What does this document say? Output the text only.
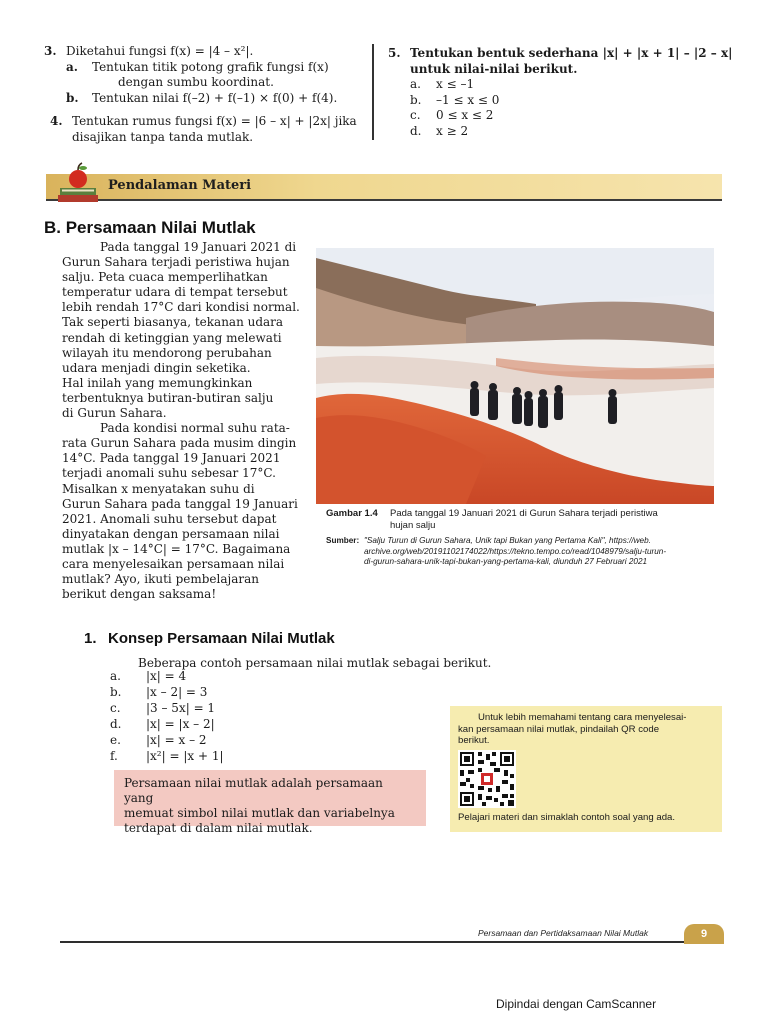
3. Diketahui fungsi f(x) = |4 – x²|.
a. Tentukan titik potong grafik fungsi f(x)
dengan sumbu koordinat.
b. Tentukan nilai f(–2) + f(–1) × f(0) + f(4).
4. Tentukan rumus fungsi f(x) = |6 – x| + |2x| jika
disajikan tanpa tanda mutlak.
5. Tentukan bentuk sederhana |x| + |x + 1| – |2 – x|
untuk nilai-nilai berikut.
a. x ≤ –1
b. –1 ≤ x ≤ 0
c. 0 ≤ x ≤ 2
d. x ≥ 2
Pendalaman Materi
B. Persamaan Nilai Mutlak
Pada tanggal 19 Januari 2021 di
Gurun Sahara terjadi peristiwa hujan
salju. Peta cuaca memperlihatkan
temperatur udara di tempat tersebut
lebih rendah 17°C dari kondisi normal.
Tak seperti biasanya, tekanan udara
rendah di ketinggian yang melewati
wilayah itu mendorong perubahan
udara menjadi dingin seketika.
Hal inilah yang memungkinkan
terbentuknya butiran-butiran salju
di Gurun Sahara.
Pada kondisi normal suhu rata-
rata Gurun Sahara pada musim dingin
14°C. Pada tanggal 19 Januari 2021
terjadi anomali suhu sebesar 17°C.
Misalkan x menyatakan suhu di
Gurun Sahara pada tanggal 19 Januari
2021. Anomali suhu tersebut dapat
dinyatakan dengan persamaan nilai
mutlak |x – 14°C| = 17°C. Bagaimana
cara menyelesaikan persamaan nilai
mutlak? Ayo, ikuti pembelajaran
berikut dengan saksama!
Gambar 1.4 Pada tanggal 19 Januari 2021 di Gurun Sahara terjadi peristiwa
hujan salju
Sumber: "Salju Turun di Gurun Sahara, Unik tapi Bukan yang Pertama Kali", https://web.
archive.org/web/20191102174022/https://tekno.tempo.co/read/1048979/salju-turun-
di-gurun-sahara-unik-tapi-bukan-yang-pertama-kali, diunduh 27 Februari 2021
1. Konsep Persamaan Nilai Mutlak
Beberapa contoh persamaan nilai mutlak sebagai berikut.
a. |x| = 4
b. |x – 2| = 3
c. |3 – 5x| = 1
d. |x| = |x – 2|
e. |x| = x – 2
f. |x²| = |x + 1|
Persamaan nilai mutlak adalah persamaan yang
memuat simbol nilai mutlak dan variabelnya
terdapat di dalam nilai mutlak.
Untuk lebih memahami tentang cara menyelesai-
kan persamaan nilai mutlak, pindailah QR code
berikut.
Pelajari materi dan simaklah contoh soal yang ada.
Persamaan dan Pertidaksamaan Nilai Mutlak	9
Dipindai dengan CamScanner
